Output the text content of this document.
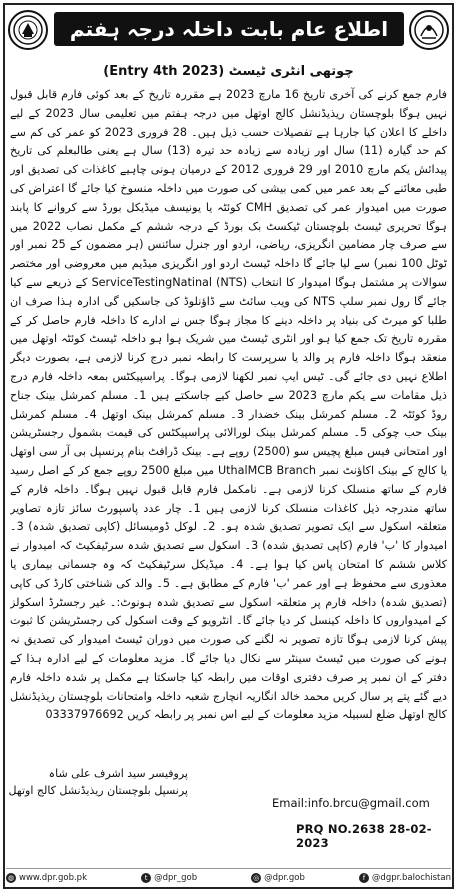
اطلاع عام بابت داخلہ درجہ ہفتم
چوتھی انٹری ٹیسٹ (Entry 4th 2023)

فارم جمع کرنے کی آخری تاریخ 16 مارچ 2023 ہے مقررہ تاریخ کے بعد کوئی فارم قابل قبول نہیں ہوگا بلوچستان ریذیڈنشل کالج اوتھل میں درجہ ہفتم میں تعلیمی سال 2023 کے لیے داخلے کا اعلان کیا جارہا ہے تفصیلات حسب ذیل ہیں۔ 28 فروری 2023 کو عمر کی کم سے کم حد گیارہ (11) سال اور زیادہ سے زیادہ حد تیرہ (13) سال ہے یعنی طالبعلم کی تاریخ پیدائش یکم مارچ 2010 اور 29 فروری 2012 کے درمیان ہونی چاہیے کاغذات کی تصدیق اور طبی معائنے کے بعد عمر میں کمی بیشی کی صورت میں داخلہ منسوخ کیا جائے گا اعتراض کی صورت میں امیدوار عمر کی تصدیق CMH کوئٹہ یا یونیسف میڈیکل بورڈ سے کروانے کا پابند ہوگا تحریری ٹیسٹ بلوچستان ٹیکسٹ بک بورڈ کے درجہ ششم کے مکمل نصاب 2022 میں سے صرف چار مضامین انگریزی، ریاضی، اردو اور جنرل سائنس (ہر مضمون کے 25 نمبر اور ٹوٹل 100 نمبر) سے لیا جائے گا داخلہ ٹیسٹ اردو اور انگریزی میڈیم میں معروضی اور مختصر سوالات پر مشتمل ہوگا امیدوار کا انتخاب ServiceTestingNatinal (NTS) کے ذریعے سے کیا جائے گا رول نمبر سلپ NTS کی ویب سائٹ سے ڈاؤنلوڈ کی جاسکیں گی ادارہ ہذا صرف ان طلبا کو میرٹ کی بنیاد پر داخلہ دینے کا مجاز ہوگا جس نے ادارے کا داخلہ فارم حاصل کر کے مقررہ تاریخ تک جمع کیا ہو اور انٹری ٹیسٹ میں شریک ہوا ہو داخلہ ٹیسٹ کوئٹہ اوتھل میں منعقد ہوگا داخلہ فارم پر والد یا سرپرست کا رابطہ نمبر درج کرنا لازمی ہے، بصورت دیگر اطلاع نہیں دی جائے گی۔ ٹیس ایپ نمبر لکھنا لازمی ہوگا۔ پراسپیکٹس بمعہ داخلہ فارم درج ذیل مقامات سے یکم مارچ 2023 سے حاصل کیے جاسکتے ہیں 1۔ مسلم کمرشل بینک جناح روڈ کوئٹہ 2۔ مسلم کمرشل بینک خضدار 3۔ مسلم کمرشل بینک اوتھل 4۔ مسلم کمرشل بینک حب چوکی 5۔ مسلم کمرشل بینک لورالائی پراسپیکٹس کی قیمت بشمول رجسٹریشن اور امتحانی فیس مبلغ پچیس سو (2500) روپے ہے۔ بینک ڈرافٹ بنام پرنسپل بی آر سی اوتھل یا کالج کے بینک اکاؤنٹ نمبر UthalMCB Branch میں مبلغ 2500 روپے جمع کر کے اصل رسید فارم کے ساتھ منسلک کرنا لازمی ہے۔ نامکمل فارم قابل قبول نہیں ہوگا۔ داخلہ فارم کے ساتھ مندرجہ ذیل کاغذات منسلک کرنا لازمی ہیں 1۔ چار عدد پاسپورٹ سائز تازہ تصاویر متعلقہ اسکول سے ایک تصویر تصدیق شدہ ہو۔ 2۔ لوکل ڈومیسائل (کاپی تصدیق شدہ) 3۔ امیدوار کا 'ب' فارم (کاپی تصدیق شدہ) 3۔ اسکول سے تصدیق شدہ سرٹیفکیٹ کہ امیدوار نے کلاس ششم کا امتحان پاس کیا ہوا ہے۔ 4۔ میڈیکل سرٹیفکیٹ کہ وہ جسمانی بیماری یا معذوری سے محفوظ ہے اور عمر 'ب' فارم کے مطابق ہے۔ 5۔ والد کی شناختی کارڈ کی کاپی (تصدیق شدہ) داخلہ فارم پر متعلقہ اسکول سے تصدیق شدہ ہونوٹ:۔ غیر رجسٹرڈ اسکولز کے امیدواروں کا داخلہ کینسل کر دیا جائے گا۔ انٹرویو کے وقت اسکول کی رجسٹریشن کا ثبوت پیش کرنا لازمی ہوگا تازہ تصویر نہ لگنے کی صورت میں دوران ٹیسٹ امیدوار کی تصدیق نہ ہونے کی صورت میں ٹیسٹ سینٹر سے نکال دیا جائے گا۔ مزید معلومات کے لیے ادارہ ہذا کے دفتر کے ان نمبر پر صرف دفتری اوقات میں رابطہ کیا جاسکتا ہے مکمل پر شدہ داخلہ فارم دیے گئے پتے پر سال کریں محمد خالد انگاریہ انچارج شعبہ داخلہ وامتحانات بلوچستان ریذیڈنشل کالج اوتھل ضلع لسبیلہ مزید معلومات کے لیے اس نمبر پر رابطہ کریں 03337976692

پروفیسر سید اشرف علی شاہ
پرنسپل بلوچستان ریذیڈنشل کالج اوتھل
Email:info.brcu@gmail.com
PRQ NO.2638 28-02-2023
◍ www.dpr.gob.pk	t @dpr_gob	◎ @dpr.gob	f @dgpr.balochistan
